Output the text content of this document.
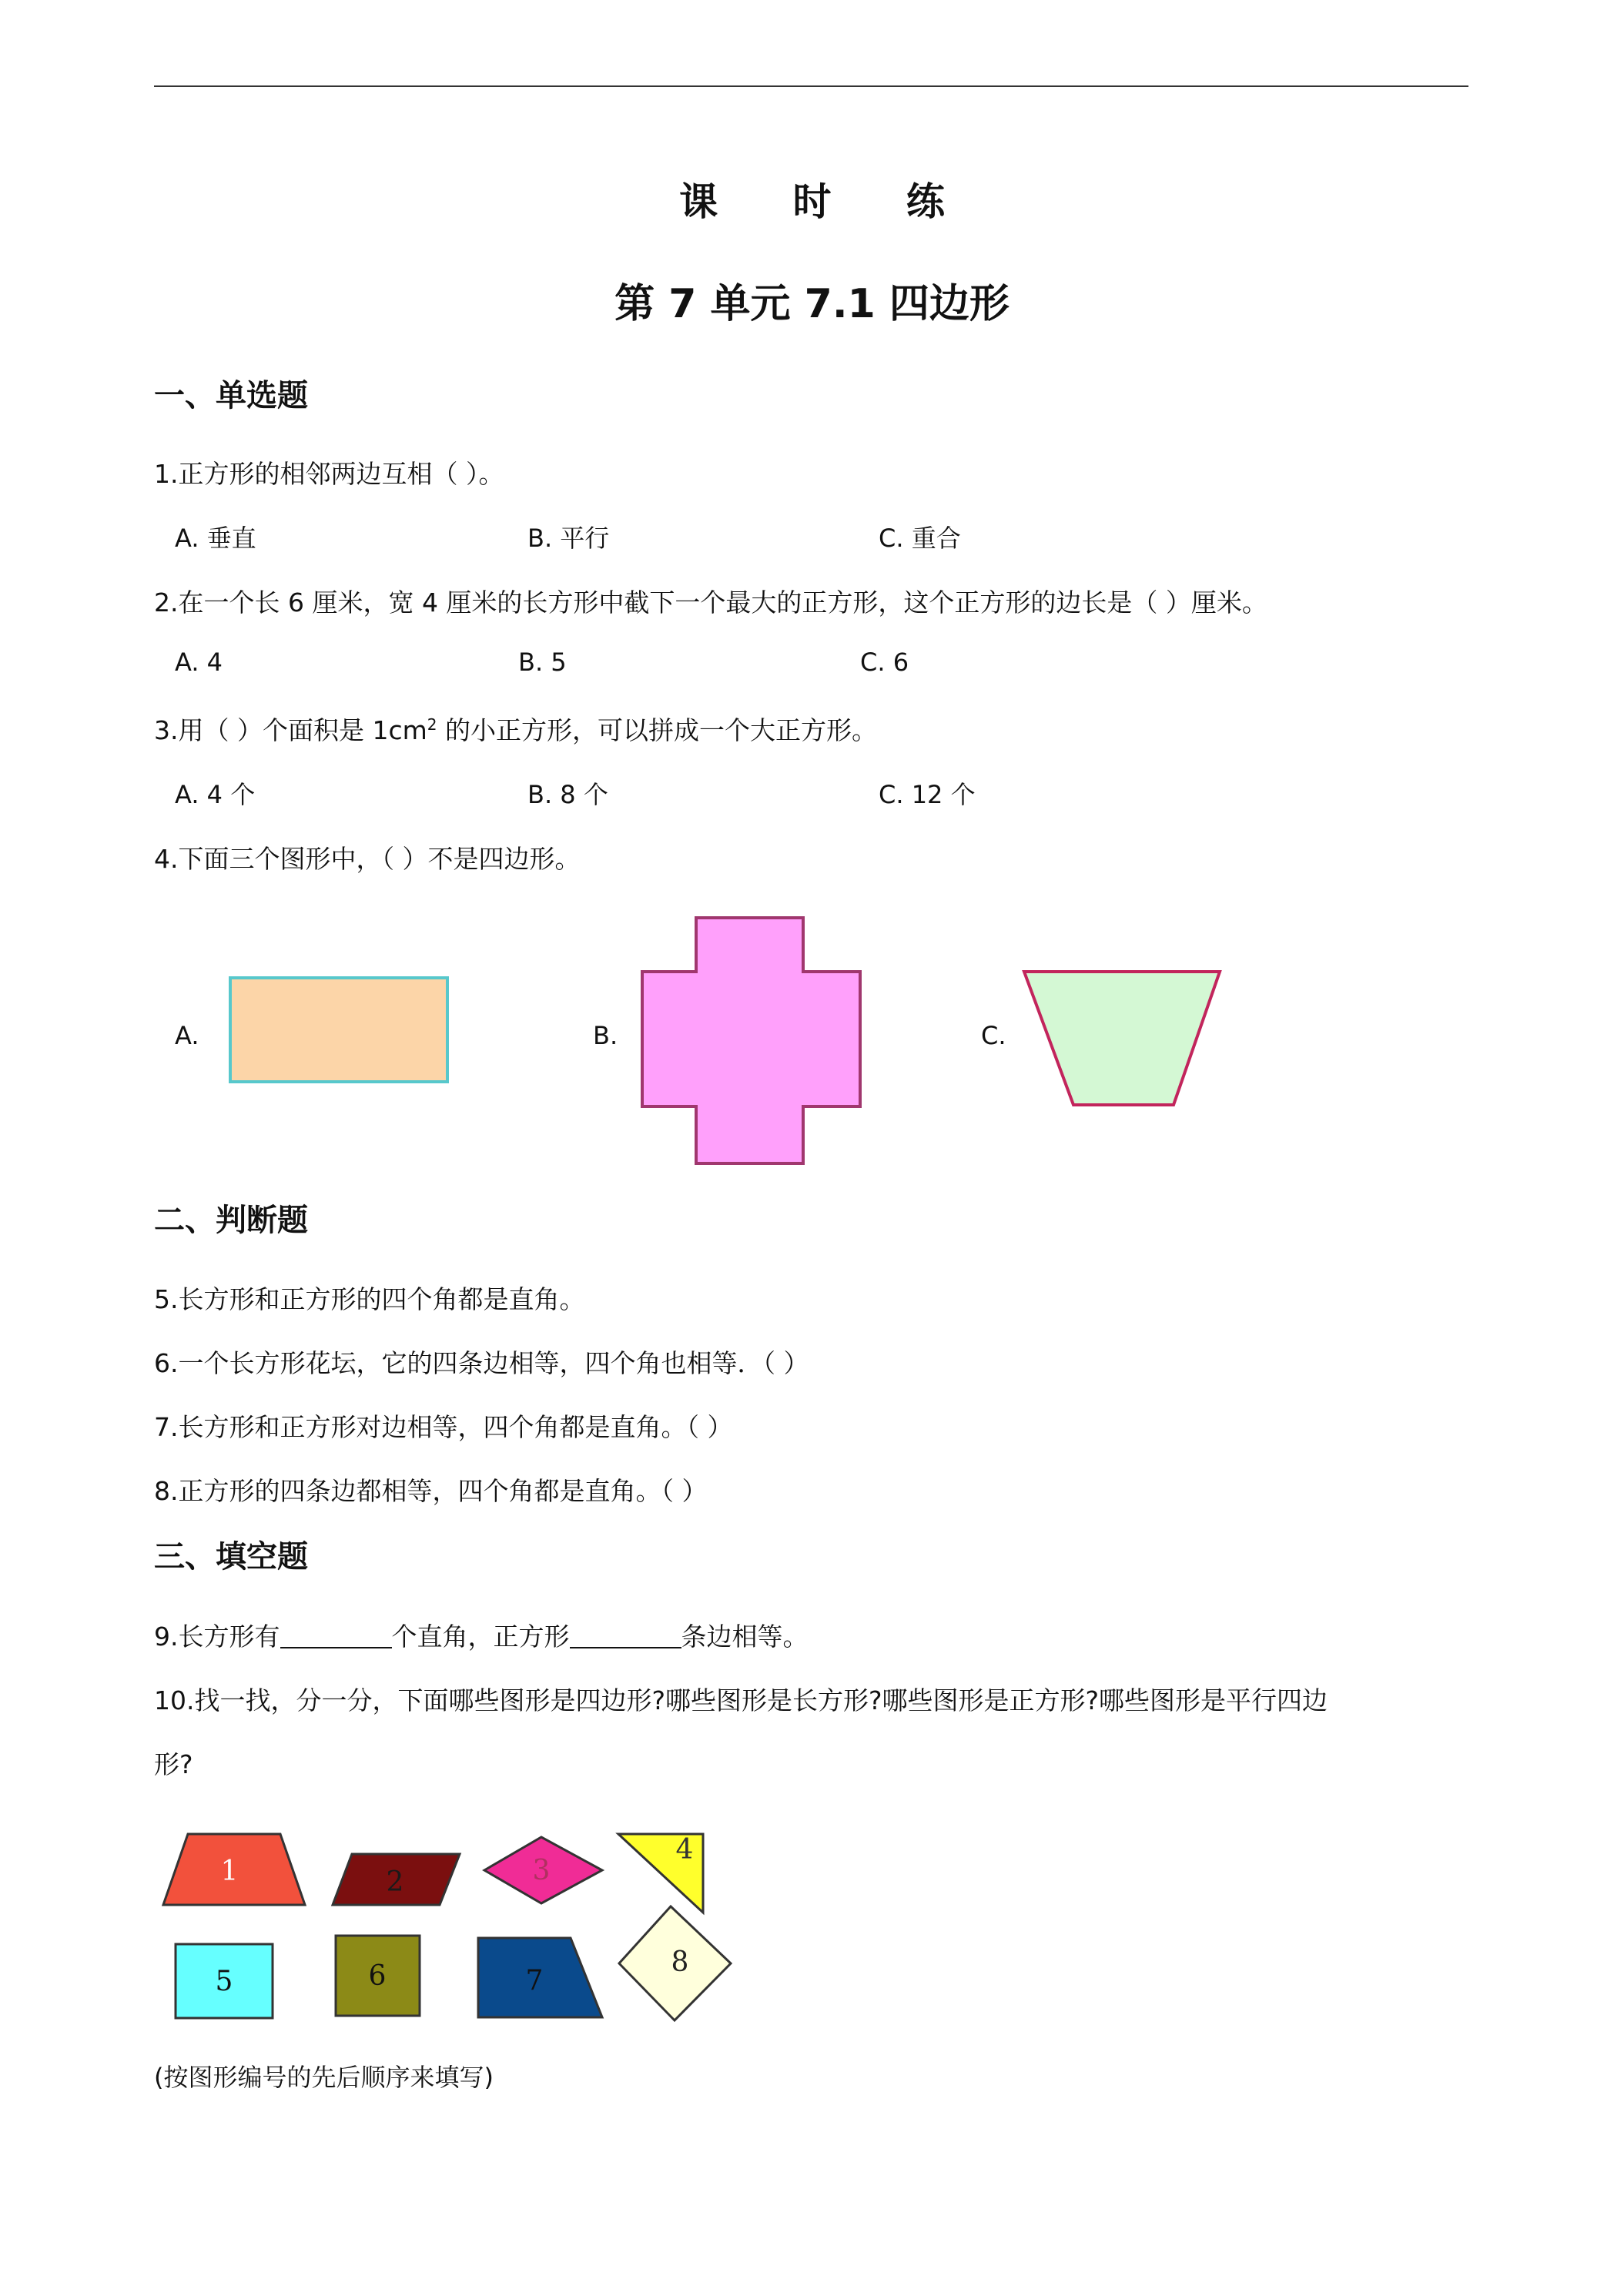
课 时 练
第 7 单元 7.1 四边形
一、单选题
1.正方形的相邻两边互相（ ）。
A. 垂直	B. 平行	C. 重合
2.在一个长 6 厘米，宽 4 厘米的长方形中截下一个最大的正方形，这个正方形的边长是（ ）厘米。
A. 4	B. 5	C. 6
3.用（ ）个面积是 $1cm^2$ 的小正方形，可以拼成一个大正方形。
A. 4 个	B. 8 个	C. 12 个
4.下面三个图形中，（ ）不是四边形。
A.	B.	C.
二、判断题
5.长方形和正方形的四个角都是直角。
6.一个长方形花坛，它的四条边相等，四个角也相等．（ ）
7.长方形和正方形对边相等，四个角都是直角。（ ）
8.正方形的四条边都相等，四个角都是直角。（ ）
三、填空题
9.长方形有	个直角，正方形	条边相等。
10.找一找，分一分，下面哪些图形是四边形?哪些图形是长方形?哪些图形是正方形?哪些图形是平行四边
形?
1	2	3
4
5	6	7
8
(按图形编号的先后顺序来填写)
